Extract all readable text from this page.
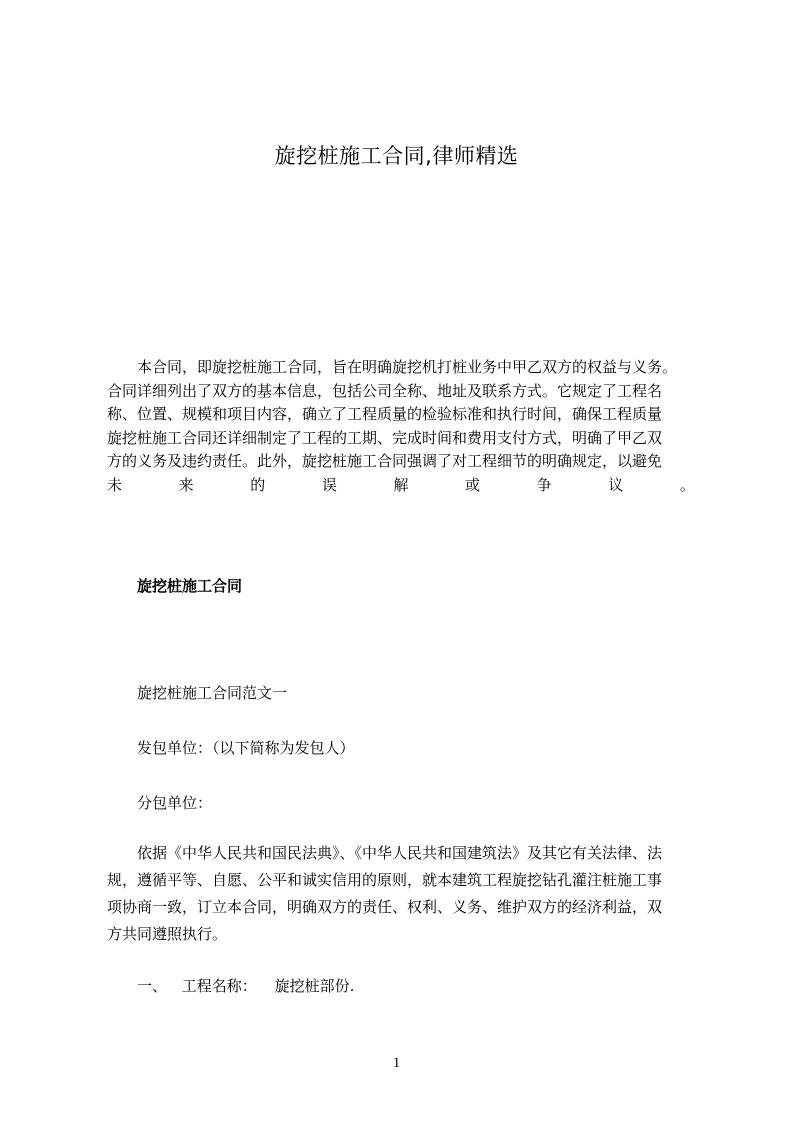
旋挖桩施工合同,律师精选
本合同，即旋挖桩施工合同，旨在明确旋挖机打桩业务中甲乙双方的权益与义务。
合同详细列出了双方的基本信息，包括公司全称、地址及联系方式。它规定了工程名
称、位置、规模和项目内容，确立了工程质量的检验标准和执行时间，确保工程质量
旋挖桩施工合同还详细制定了工程的工期、完成时间和费用支付方式，明确了甲乙双
方的义务及违约责任。此外，旋挖桩施工合同强调了对工程细节的明确规定，以避免
未	来	的	误	解	或	争	议	。
旋挖桩施工合同

旋挖桩施工合同范文一

发包单位：（以下简称为发包人）

分包单位：

依据《中华人民共和国民法典》、《中华人民共和国建筑法》及其它有关法律、法
规，遵循平等、自愿、公平和诚实信用的原则，就本建筑工程旋挖钻孔灌注桩施工事
项协商一致，订立本合同，明确双方的责任、权利、义务、维护双方的经济利益，双
方共同遵照执行。
一、 工程名称： 旋挖桩部份.
1
